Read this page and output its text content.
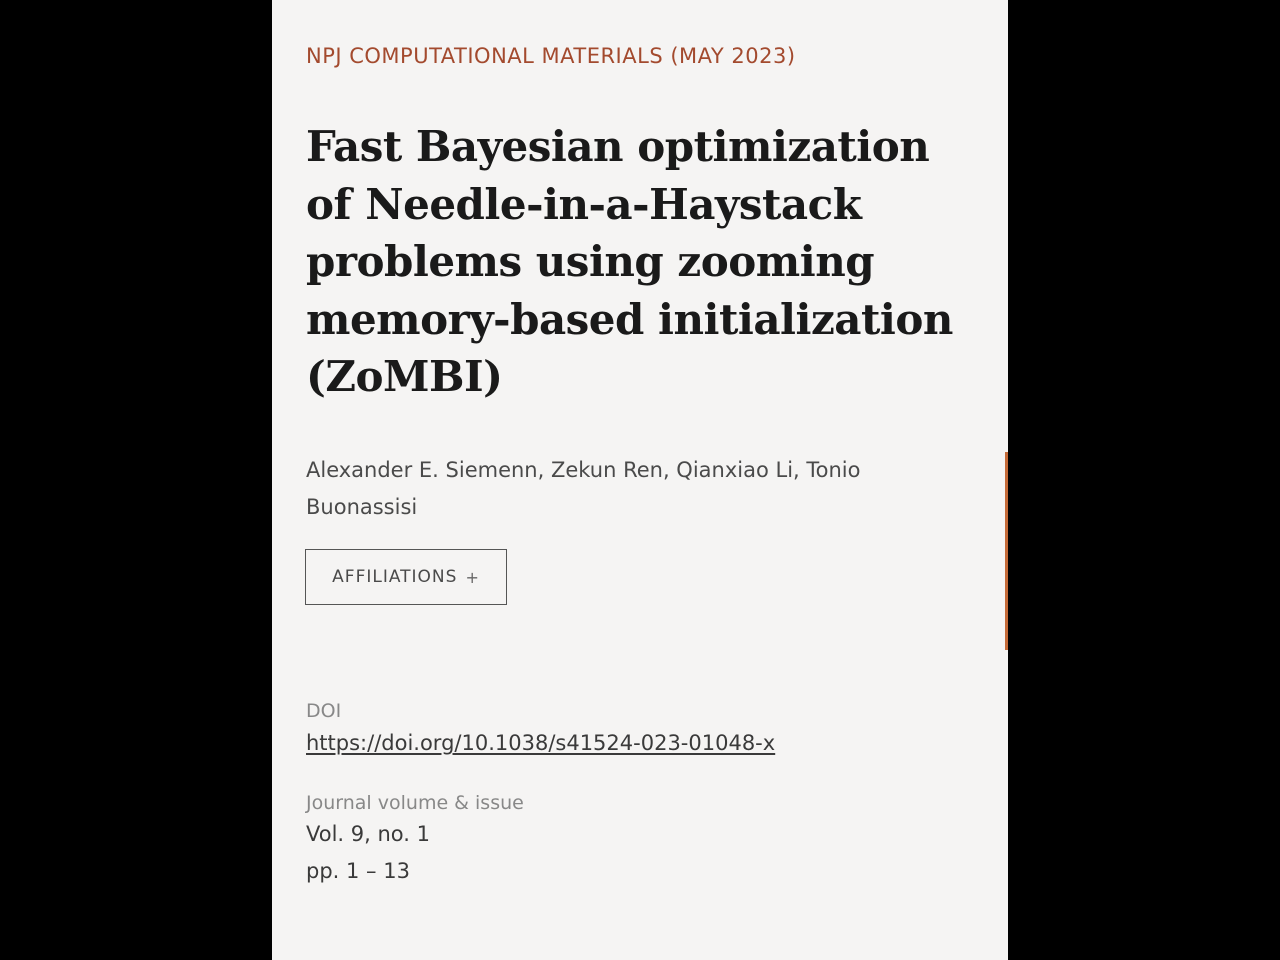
NPJ COMPUTATIONAL MATERIALS (MAY 2023)
Fast Bayesian optimization of Needle-in-a-Haystack problems using zooming memory-based initialization (ZoMBI)
Alexander E. Siemenn, Zekun Ren, Qianxiao Li, Tonio Buonassisi
AFFILIATIONS +
DOI
https://doi.org/10.1038/s41524-023-01048-x
Journal volume & issue
Vol. 9, no. 1
pp. 1 – 13
